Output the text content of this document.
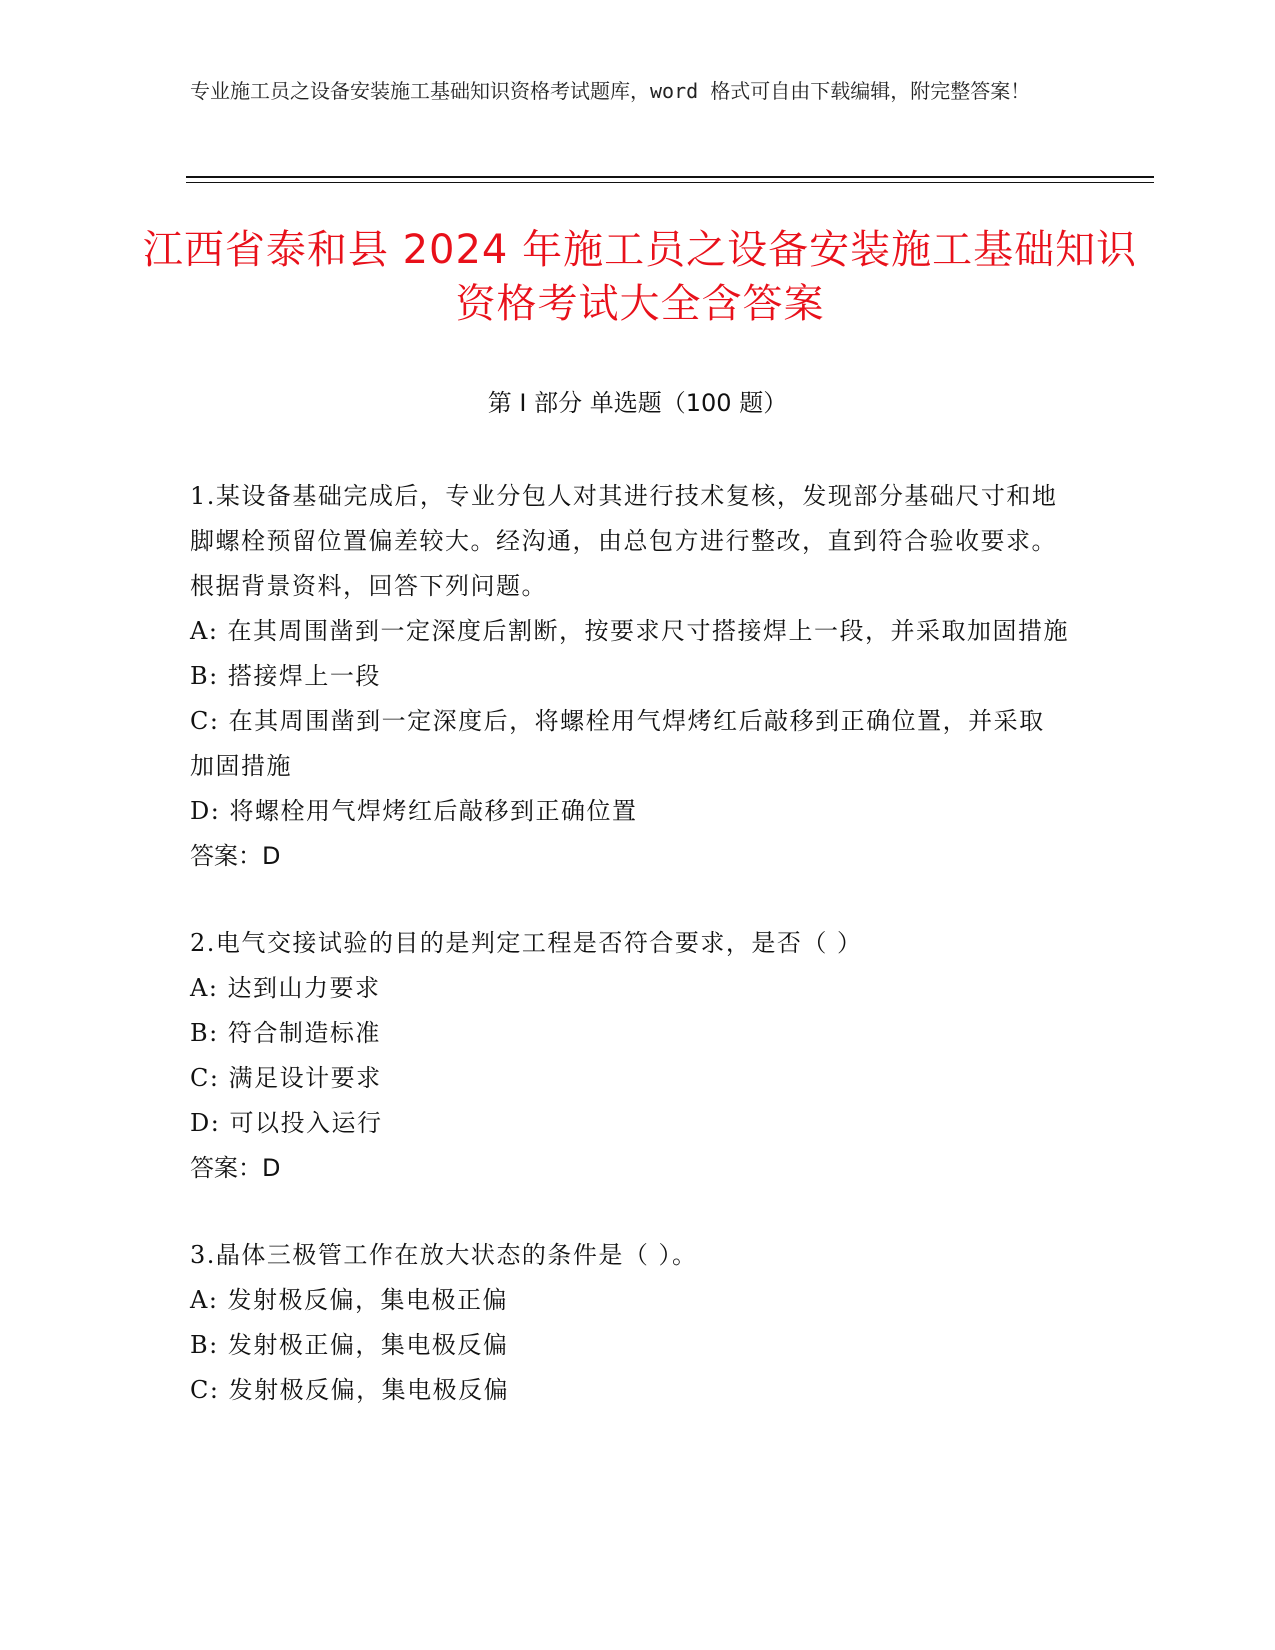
专业施工员之设备安装施工基础知识资格考试题库，word 格式可自由下载编辑，附完整答案！
江西省泰和县 2024 年施工员之设备安装施工基础知识资格考试大全含答案
第 I 部分 单选题（100 题）
1.某设备基础完成后，专业分包人对其进行技术复核，发现部分基础尺寸和地脚螺栓预留位置偏差较大。经沟通，由总包方进行整改，直到符合验收要求。根据背景资料，回答下列问题。
A: 在其周围凿到一定深度后割断，按要求尺寸搭接焊上一段，并采取加固措施
B: 搭接焊上一段
C: 在其周围凿到一定深度后，将螺栓用气焊烤红后敲移到正确位置，并采取加固措施
D: 将螺栓用气焊烤红后敲移到正确位置
答案：D
2.电气交接试验的目的是判定工程是否符合要求，是否（ ）
A: 达到山力要求
B: 符合制造标准
C: 满足设计要求
D: 可以投入运行
答案：D
3.晶体三极管工作在放大状态的条件是（ ）。
A: 发射极反偏，集电极正偏
B: 发射极正偏，集电极反偏
C: 发射极反偏，集电极反偏
